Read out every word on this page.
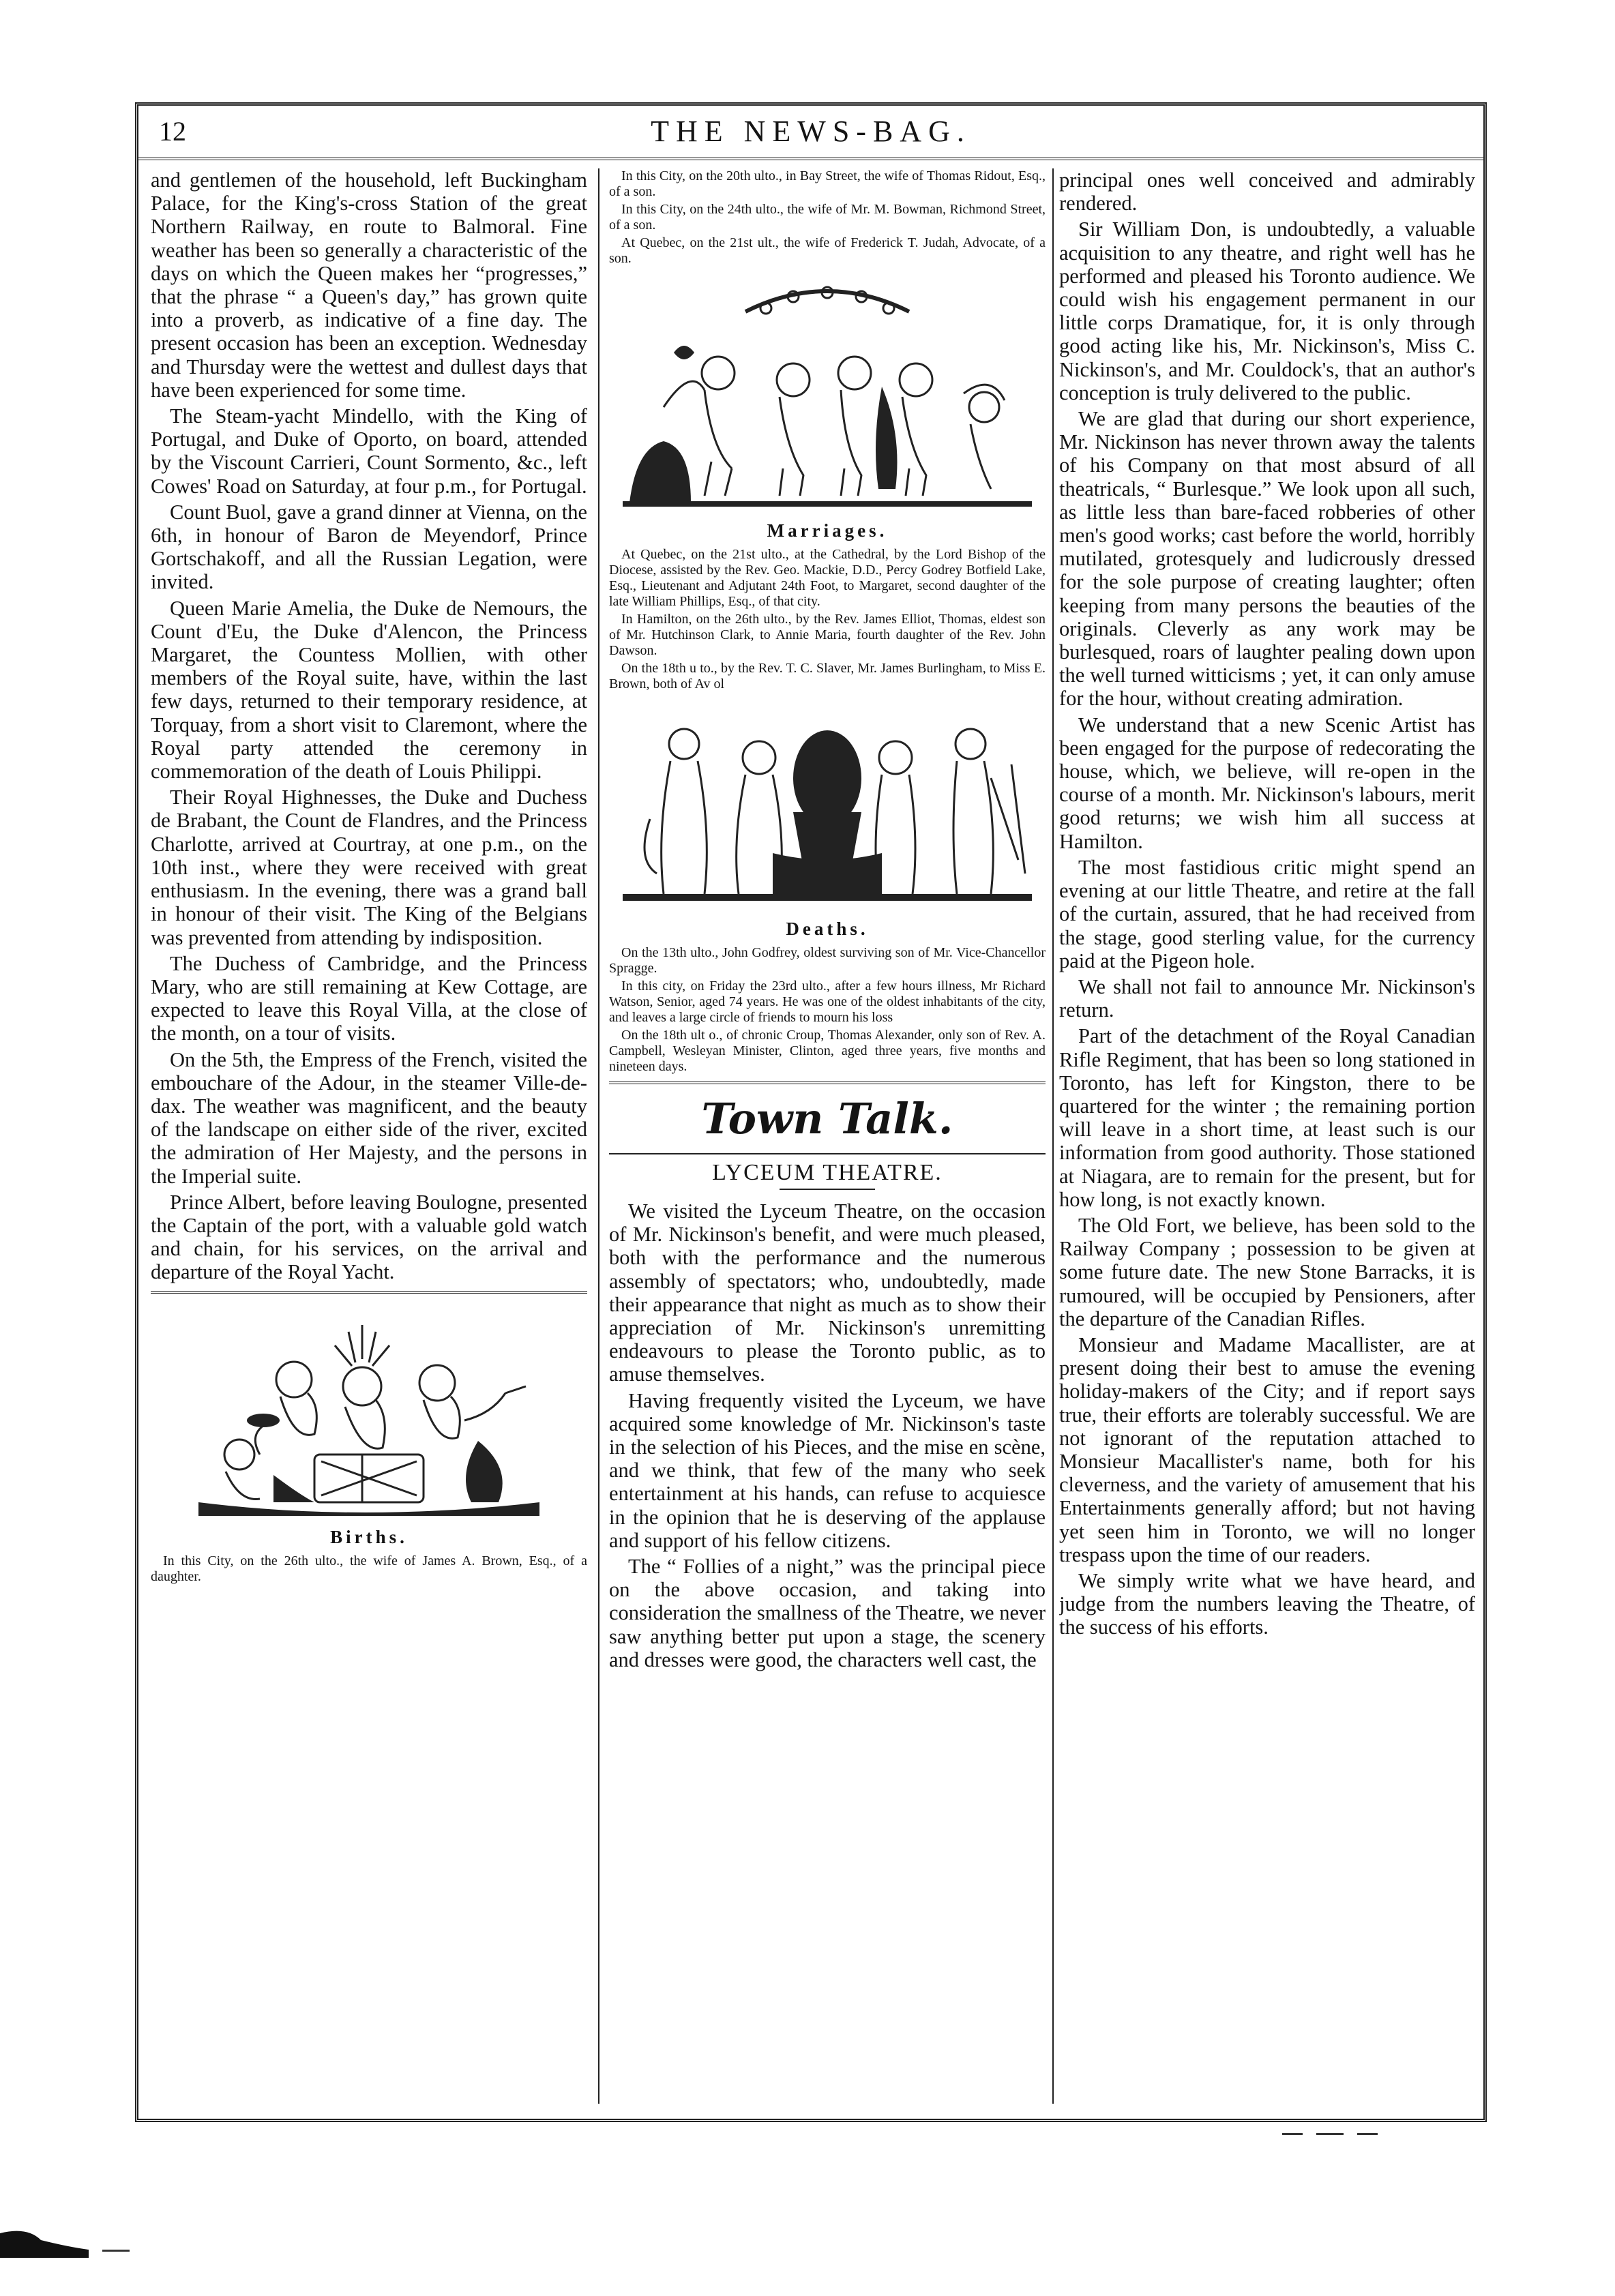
12	THE NEWS-BAG.

and gentlemen of the household, left Buckingham Palace, for the King's-cross Station of the great Northern Railway, en route to Balmoral. Fine weather has been so generally a characteristic of the days on which the Queen makes her “progresses,” that the phrase “ a Queen's day,” has grown quite into a proverb, as indicative of a fine day. The present occasion has been an exception. Wednesday and Thursday were the wettest and dullest days that have been experienced for some time.

The Steam-yacht Mindello, with the King of Portugal, and Duke of Oporto, on board, attended by the Viscount Carrieri, Count Sormento, &c., left Cowes' Road on Saturday, at four p.m., for Portugal.

Count Buol, gave a grand dinner at Vienna, on the 6th, in honour of Baron de Meyendorf, Prince Gortschakoff, and all the Russian Legation, were invited.

Queen Marie Amelia, the Duke de Nemours, the Count d'Eu, the Duke d'Alencon, the Princess Margaret, the Countess Mollien, with other members of the Royal suite, have, within the last few days, returned to their temporary residence, at Torquay, from a short visit to Claremont, where the Royal party attended the ceremony in commemoration of the death of Louis Philippi.

Their Royal Highnesses, the Duke and Duchess de Brabant, the Count de Flandres, and the Princess Charlotte, arrived at Courtray, at one p.m., on the 10th inst., where they were received with great enthusiasm. In the evening, there was a grand ball in honour of their visit. The King of the Belgians was prevented from attending by indisposition.

The Duchess of Cambridge, and the Princess Mary, who are still remaining at Kew Cottage, are expected to leave this Royal Villa, at the close of the month, on a tour of visits.

On the 5th, the Empress of the French, visited the embouchare of the Adour, in the steamer Ville-de-dax. The weather was magnificent, and the beauty of the landscape on either side of the river, excited the admiration of Her Majesty, and the persons in the Imperial suite.

Prince Albert, before leaving Boulogne, presented the Captain of the port, with a valuable gold watch and chain, for his services, on the arrival and departure of the Royal Yacht.

Births.

In this City, on the 26th ulto., the wife of James A. Brown, Esq., of a daughter.

In this City, on the 20th ulto., in Bay Street, the wife of Thomas Ridout, Esq., of a son.

In this City, on the 24th ulto., the wife of Mr. M. Bowman, Richmond Street, of a son.

At Quebec, on the 21st ult., the wife of Frederick T. Judah, Advocate, of a son.

Marriages.

At Quebec, on the 21st ulto., at the Cathedral, by the Lord Bishop of the Diocese, assisted by the Rev. Geo. Mackie, D.D., Percy Godrey Botfield Lake, Esq., Lieutenant and Adjutant 24th Foot, to Margaret, second daughter of the late William Phillips, Esq., of that city.

In Hamilton, on the 26th ulto., by the Rev. James Elliot, Thomas, eldest son of Mr. Hutchinson Clark, to Annie Maria, fourth daughter of the Rev. John Dawson.

On the 18th u to., by the Rev. T. C. Slaver, Mr. James Burlingham, to Miss E. Brown, both of Av ol

Deaths.

On the 13th ulto., John Godfrey, oldest surviving son of Mr. Vice-Chancellor Spragge.

In this city, on Friday the 23rd ulto., after a few hours illness, Mr Richard Watson, Senior, aged 74 years. He was one of the oldest inhabitants of the city, and leaves a large circle of friends to mourn his loss

On the 18th ult o., of chronic Croup, Thomas Alexander, only son of Rev. A. Campbell, Wesleyan Minister, Clinton, aged three years, five months and nineteen days.

Town Talk.
LYCEUM THEATRE.

We visited the Lyceum Theatre, on the occasion of Mr. Nickinson's benefit, and were much pleased, both with the performance and the numerous assembly of spectators; who, undoubtedly, made their appearance that night as much as to show their appreciation of Mr. Nickinson's unremitting endeavours to please the Toronto public, as to amuse themselves.

Having frequently visited the Lyceum, we have acquired some knowledge of Mr. Nickinson's taste in the selection of his Pieces, and the mise en scène, and we think, that few of the many who seek entertainment at his hands, can refuse to acquiesce in the opinion that he is deserving of the applause and support of his fellow citizens.

The “ Follies of a night,” was the principal piece on the above occasion, and taking into consideration the smallness of the Theatre, we never saw anything better put upon a stage, the scenery and dresses were good, the characters well cast, the

principal ones well conceived and admirably rendered.

Sir William Don, is undoubtedly, a valuable acquisition to any theatre, and right well has he performed and pleased his Toronto audience. We could wish his engagement permanent in our little corps Dramatique, for, it is only through good acting like his, Mr. Nickinson's, Miss C. Nickinson's, and Mr. Couldock's, that an author's conception is truly delivered to the public.

We are glad that during our short experience, Mr. Nickinson has never thrown away the talents of his Company on that most absurd of all theatricals, “ Burlesque.” We look upon all such, as little less than bare-faced robberies of other men's good works; cast before the world, horribly mutilated, grotesquely and ludicrously dressed for the sole purpose of creating laughter; often keeping from many persons the beauties of the originals. Cleverly as any work may be burlesqued, roars of laughter pealing down upon the well turned witticisms ; yet, it can only amuse for the hour, without creating admiration.

We understand that a new Scenic Artist has been engaged for the purpose of redecorating the house, which, we believe, will re-open in the course of a month. Mr. Nickinson's labours, merit good returns; we wish him all success at Hamilton.

The most fastidious critic might spend an evening at our little Theatre, and retire at the fall of the curtain, assured, that he had received from the stage, good sterling value, for the currency paid at the Pigeon hole.

We shall not fail to announce Mr. Nickinson's return.

Part of the detachment of the Royal Canadian Rifle Regiment, that has been so long stationed in Toronto, has left for Kingston, there to be quartered for the winter ; the remaining portion will leave in a short time, at least such is our information from good authority. Those stationed at Niagara, are to remain for the present, but for how long, is not exactly known.

The Old Fort, we believe, has been sold to the Railway Company ; possession to be given at some future date. The new Stone Barracks, it is rumoured, will be occupied by Pensioners, after the departure of the Canadian Rifles.

Monsieur and Madame Macallister, are at present doing their best to amuse the evening holiday-makers of the City; and if report says true, their efforts are tolerably successful. We are not ignorant of the reputation attached to Monsieur Macallister's name, both for his cleverness, and the variety of amusement that his Entertainments generally afford; but not having yet seen him in Toronto, we will no longer trespass upon the time of our readers.

We simply write what we have heard, and judge from the numbers leaving the Theatre, of the success of his efforts.
